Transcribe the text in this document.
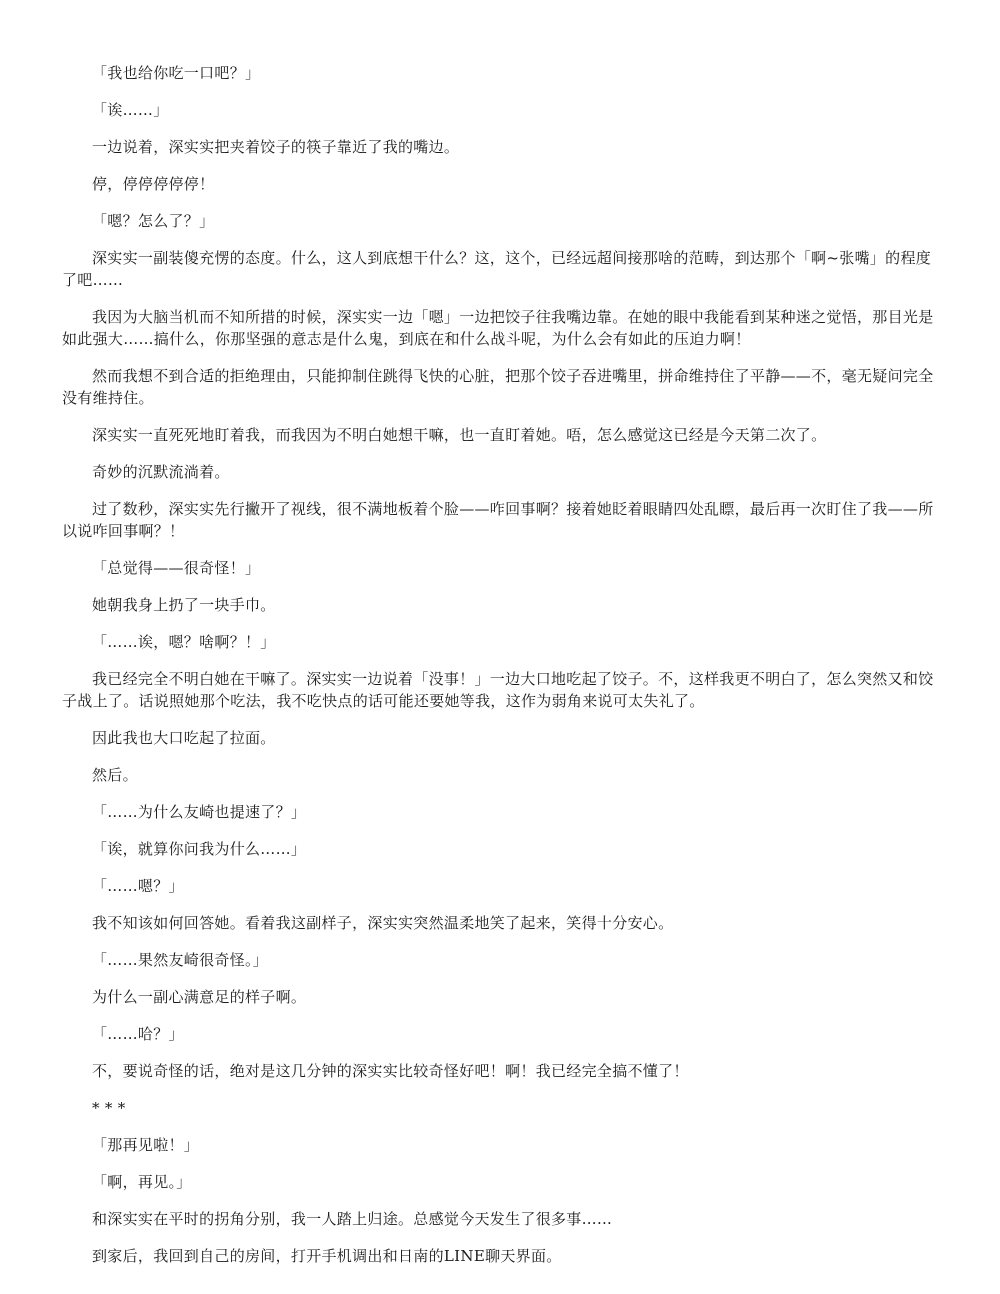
「我也给你吃一口吧？」

「诶……」

一边说着，深实实把夹着饺子的筷子靠近了我的嘴边。

停，停停停停停！

「嗯？怎么了？」

深实实一副装傻充愣的态度。什么，这人到底想干什么？这，这个，已经远超间接那啥的范畴，到达那个「啊~张嘴」的程度了吧……

我因为大脑当机而不知所措的时候，深实实一边「嗯」一边把饺子往我嘴边靠。在她的眼中我能看到某种迷之觉悟，那目光是如此强大……搞什么，你那坚强的意志是什么鬼，到底在和什么战斗呢，为什么会有如此的压迫力啊！

然而我想不到合适的拒绝理由，只能抑制住跳得飞快的心脏，把那个饺子吞进嘴里，拼命维持住了平静——不，毫无疑问完全没有维持住。

深实实一直死死地盯着我，而我因为不明白她想干嘛，也一直盯着她。唔，怎么感觉这已经是今天第二次了。

奇妙的沉默流淌着。

过了数秒，深实实先行撇开了视线，很不满地板着个脸——咋回事啊？接着她眨着眼睛四处乱瞟，最后再一次盯住了我——所以说咋回事啊？！

「总觉得——很奇怪！」

她朝我身上扔了一块手巾。

「……诶，嗯？啥啊？！」

我已经完全不明白她在干嘛了。深实实一边说着「没事！」一边大口地吃起了饺子。不，这样我更不明白了，怎么突然又和饺子战上了。话说照她那个吃法，我不吃快点的话可能还要她等我，这作为弱角来说可太失礼了。

因此我也大口吃起了拉面。

然后。

「……为什么友崎也提速了？」

「诶，就算你问我为什么……」

「……嗯？」

我不知该如何回答她。看着我这副样子，深实实突然温柔地笑了起来，笑得十分安心。

「……果然友崎很奇怪。」

为什么一副心满意足的样子啊。

「……哈？」

不，要说奇怪的话，绝对是这几分钟的深实实比较奇怪好吧！啊！我已经完全搞不懂了！

* * *

「那再见啦！」

「啊，再见。」

和深实实在平时的拐角分别，我一人踏上归途。总感觉今天发生了很多事……

到家后，我回到自己的房间，打开手机调出和日南的LINE聊天界面。
